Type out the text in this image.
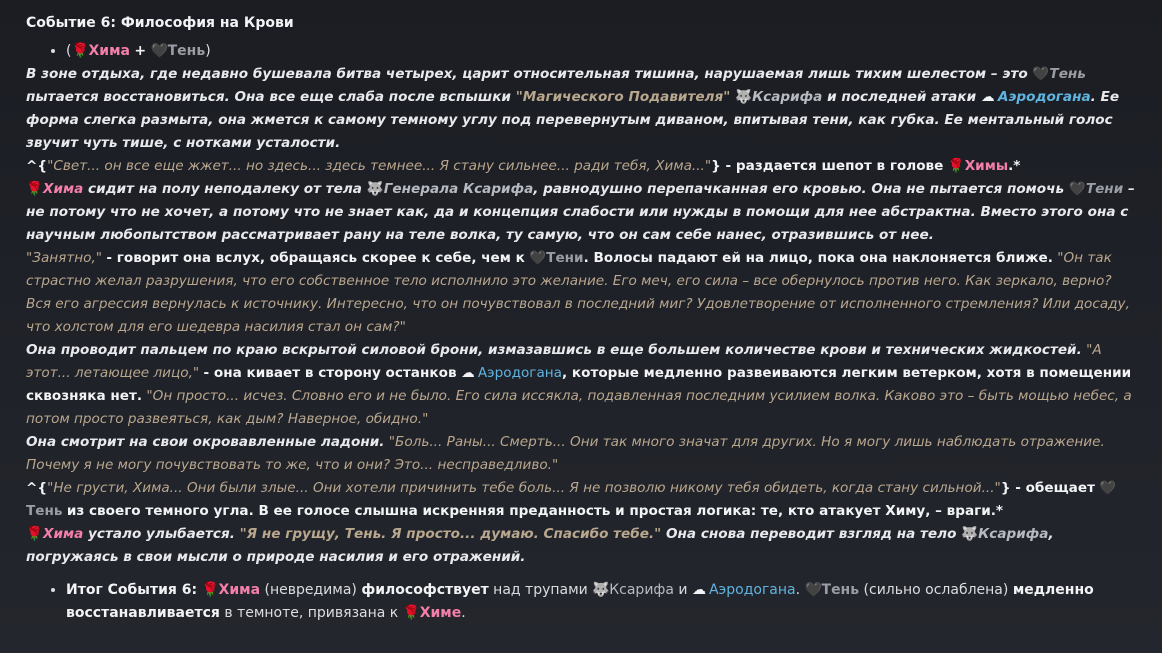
Событие 6: Философия на Крови
• (🌹Хима + 🖤Тень)

В зоне отдыха, где недавно бушевала битва четырех, царит относительная тишина, нарушаемая лишь тихим шелестом – это 🖤Тень пытается восстановиться. Она все еще слаба после вспышки "Магического Подавителя" 🐺Ксарифа и последней атаки ☁ Аэродогана. Ее форма слегка размыта, она жмется к самому темному углу под перевернутым диваном, впитывая тени, как губка. Ее ментальный голос звучит чуть тише, с нотками усталости.

^{"Свет... он все еще жжет... но здесь... здесь темнее... Я стану сильнее... ради тебя, Хима..."} - раздается шепот в голове 🌹Химы.*

🌹Хима сидит на полу неподалеку от тела 🐺Генерала Ксарифа, равнодушно перепачканная его кровью. Она не пытается помочь 🖤Тени – не потому что не хочет, а потому что не знает как, да и концепция слабости или нужды в помощи для нее абстрактна. Вместо этого она с научным любопытством рассматривает рану на теле волка, ту самую, что он сам себе нанес, отразившись от нее.

"Занятно," - говорит она вслух, обращаясь скорее к себе, чем к 🖤Тени. Волосы падают ей на лицо, пока она наклоняется ближе. "Он так страстно желал разрушения, что его собственное тело исполнило это желание. Его меч, его сила – все обернулось против него. Как зеркало, верно? Вся его агрессия вернулась к источнику. Интересно, что он почувствовал в последний миг? Удовлетворение от исполненного стремления? Или досаду, что холстом для его шедевра насилия стал он сам?"

Она проводит пальцем по краю вскрытой силовой брони, измазавшись в еще большем количестве крови и технических жидкостей. "А этот... летающее лицо," - она кивает в сторону останков ☁ Аэродогана, которые медленно развеиваются легким ветерком, хотя в помещении сквозняка нет. "Он просто... исчез. Словно его и не было. Его сила иссякла, подавленная последним усилием волка. Каково это – быть мощью небес, а потом просто развеяться, как дым? Наверное, обидно."

Она смотрит на свои окровавленные ладони. "Боль... Раны... Смерть... Они так много значат для других. Но я могу лишь наблюдать отражение. Почему я не могу почувствовать то же, что и они? Это... несправедливо."

^{"Не грусти, Хима... Они были злые... Они хотели причинить тебе боль... Я не позволю никому тебя обидеть, когда стану сильной..."} - обещает 🖤Тень из своего темного угла. В ее голосе слышна искренняя преданность и простая логика: те, кто атакует Химу, – враги.*

🌹Хима устало улыбается. "Я не грущу, Тень. Я просто... думаю. Спасибо тебе." Она снова переводит взгляд на тело 🐺Ксарифа, погружаясь в свои мысли о природе насилия и его отражений.

• Итог События 6: 🌹Хима (невредима) философствует над трупами 🐺Ксарифа и ☁ Аэродогана. 🖤Тень (сильно ослаблена) медленно восстанавливается в темноте, привязана к 🌹Химе.
